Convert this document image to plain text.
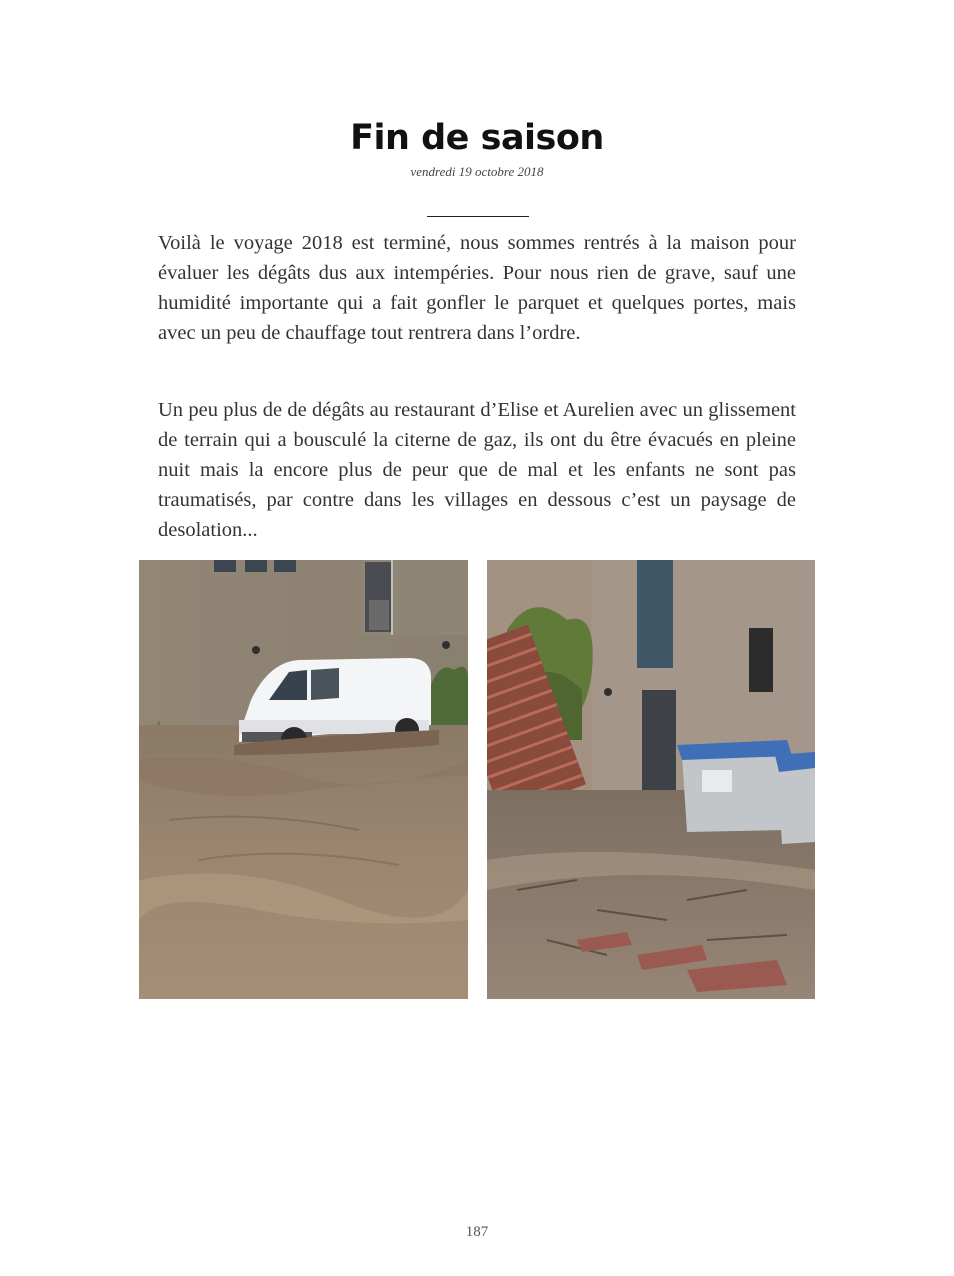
Fin de saison
vendredi 19 octobre 2018

Voilà le voyage 2018 est terminé, nous sommes rentrés à la maison pour évaluer les dégâts dus aux intempéries. Pour nous rien de grave, sauf une humidité importante qui a fait gonfler le parquet et quelques portes, mais avec un peu de chauffage tout rentrera dans l’ordre.

Un peu plus de de dégâts au restaurant d’Elise et Aurelien avec un glissement de terrain qui a bousculé la citerne de gaz, ils ont du être évacués en pleine nuit mais la encore plus de peur que de mal et les enfants ne sont pas traumatisés, par contre dans les villages en dessous c’est un paysage de desolation...

187
